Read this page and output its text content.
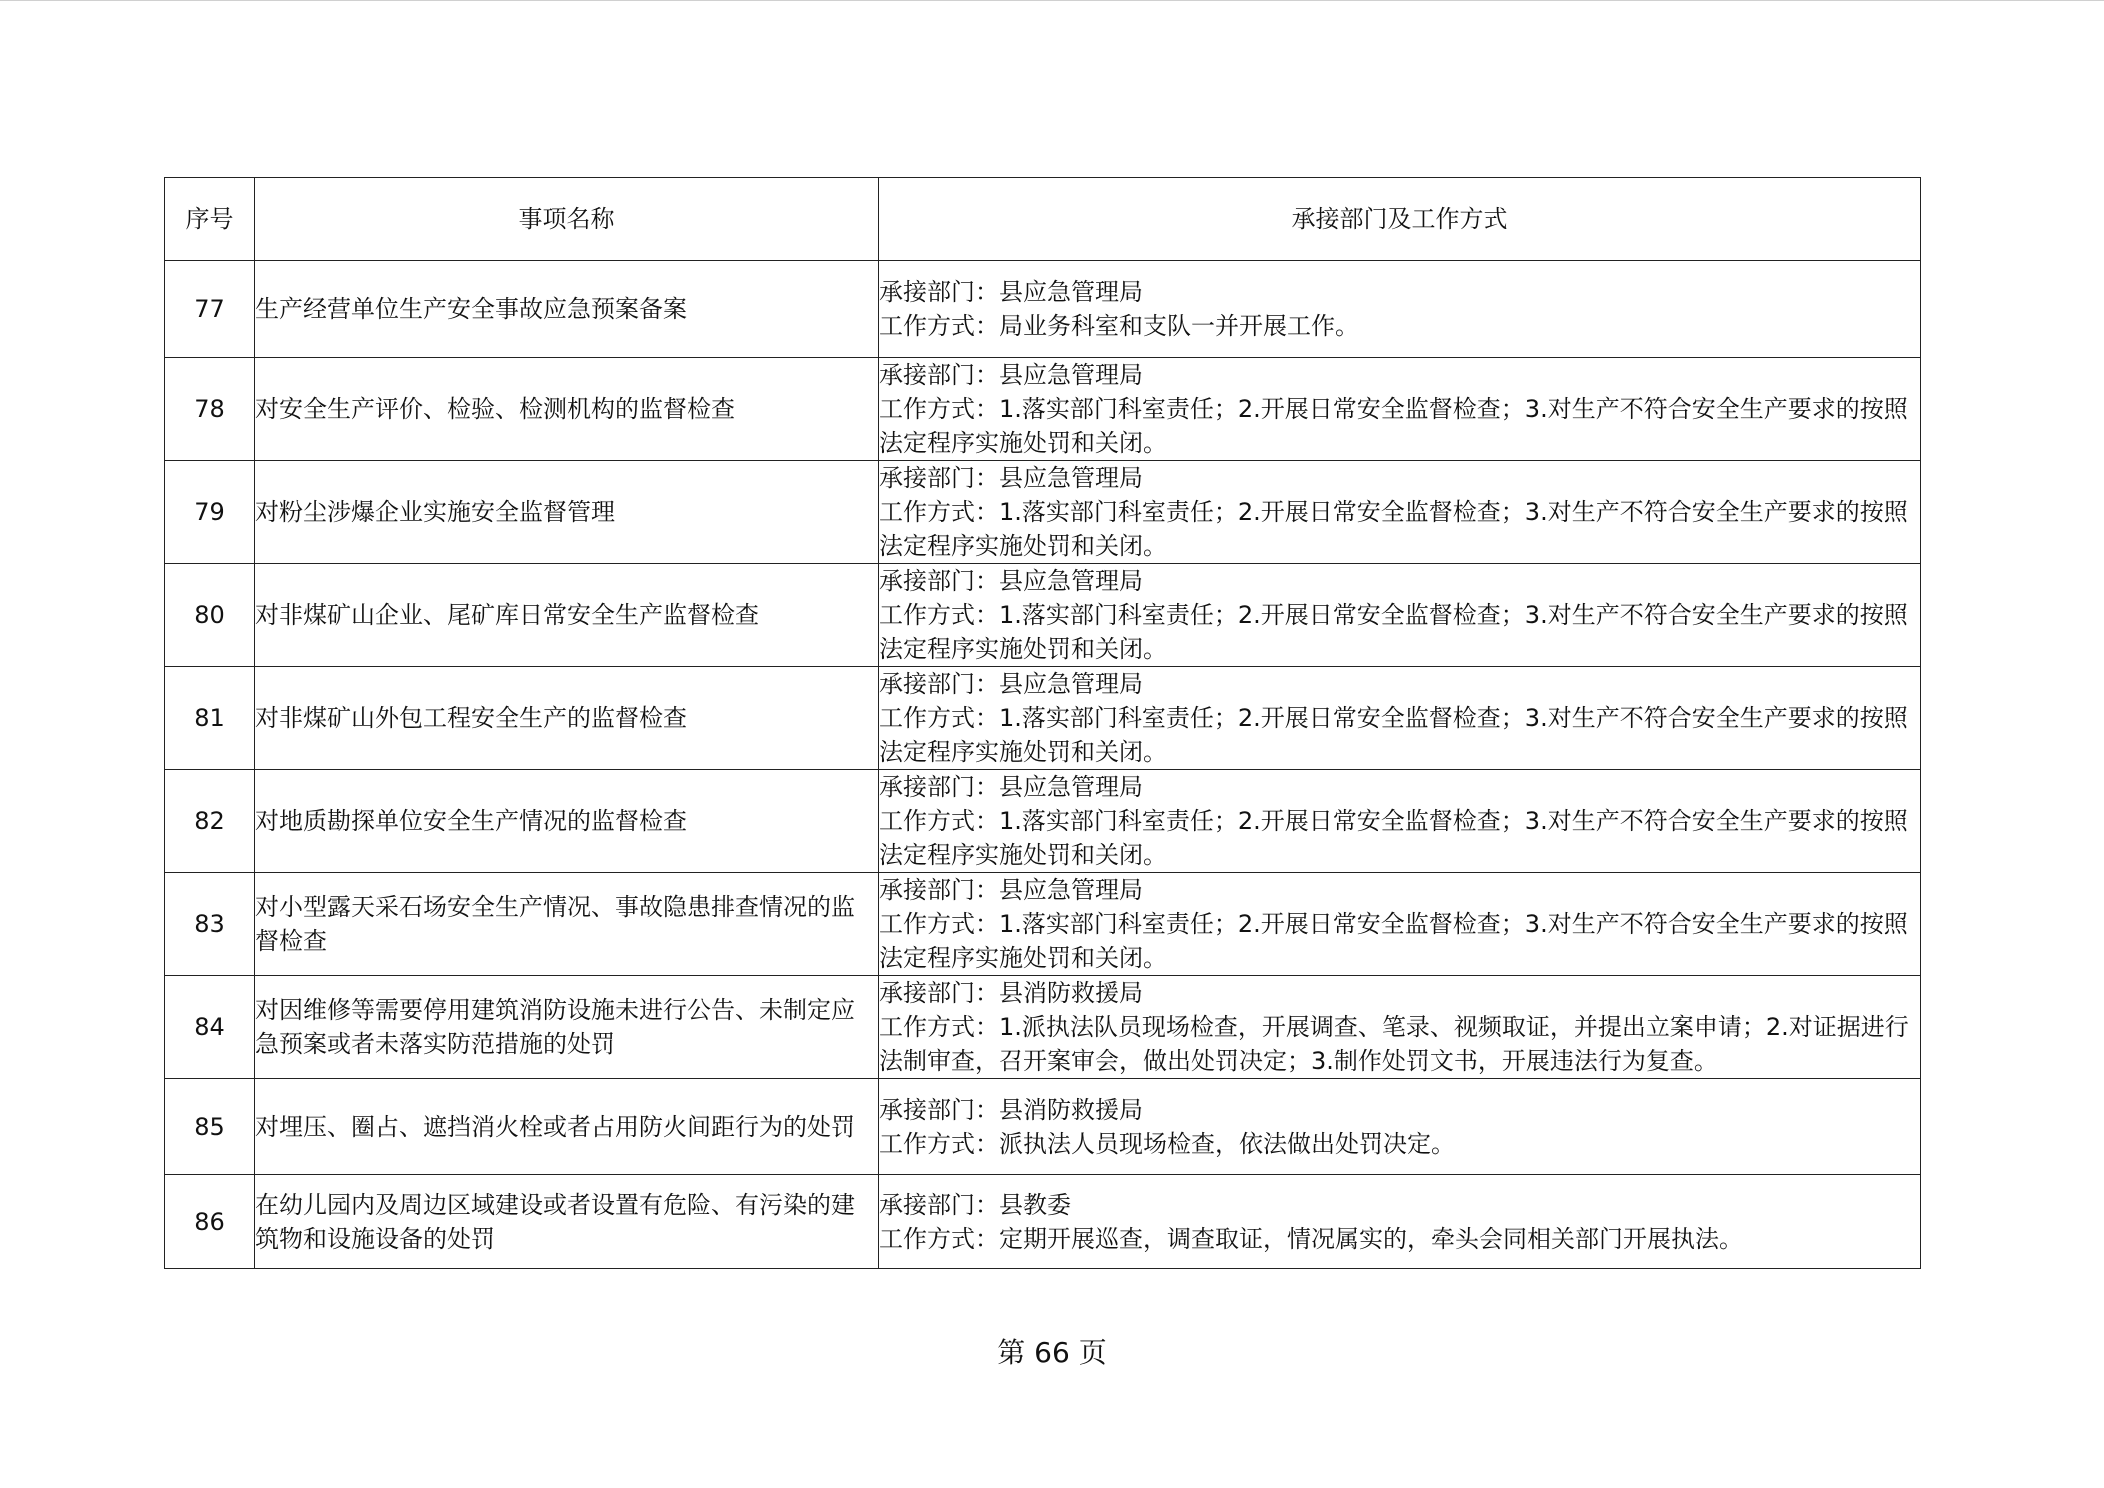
序号	事项名称	承接部门及工作方式
77	生产经营单位生产安全事故应急预案备案	承接部门：县应急管理局
工作方式：局业务科室和支队一并开展工作。

78	对安全生产评价、检验、检测机构的监督检查	承接部门：县应急管理局
工作方式：1.落实部门科室责任；2.开展日常安全监督检查；3.对生产不符合安全生产要求的按照法定程序实施处罚和关闭。

79	对粉尘涉爆企业实施安全监督管理	承接部门：县应急管理局
工作方式：1.落实部门科室责任；2.开展日常安全监督检查；3.对生产不符合安全生产要求的按照法定程序实施处罚和关闭。

80	对非煤矿山企业、尾矿库日常安全生产监督检查	承接部门：县应急管理局
工作方式：1.落实部门科室责任；2.开展日常安全监督检查；3.对生产不符合安全生产要求的按照法定程序实施处罚和关闭。

81	对非煤矿山外包工程安全生产的监督检查	承接部门：县应急管理局
工作方式：1.落实部门科室责任；2.开展日常安全监督检查；3.对生产不符合安全生产要求的按照法定程序实施处罚和关闭。

82	对地质勘探单位安全生产情况的监督检查	承接部门：县应急管理局
工作方式：1.落实部门科室责任；2.开展日常安全监督检查；3.对生产不符合安全生产要求的按照法定程序实施处罚和关闭。

83	对小型露天采石场安全生产情况、事故隐患排查情况的监督检查	承接部门：县应急管理局
工作方式：1.落实部门科室责任；2.开展日常安全监督检查；3.对生产不符合安全生产要求的按照法定程序实施处罚和关闭。

84	对因维修等需要停用建筑消防设施未进行公告、未制定应急预案或者未落实防范措施的处罚	承接部门：县消防救援局
工作方式：1.派执法队员现场检查，开展调查、笔录、视频取证，并提出立案申请；2.对证据进行法制审查，召开案审会，做出处罚决定；3.制作处罚文书，开展违法行为复查。

85	对埋压、圈占、遮挡消火栓或者占用防火间距行为的处罚	承接部门：县消防救援局
工作方式：派执法人员现场检查，依法做出处罚决定。

86	在幼儿园内及周边区域建设或者设置有危险、有污染的建筑物和设施设备的处罚	承接部门：县教委
工作方式：定期开展巡查，调查取证，情况属实的，牵头会同相关部门开展执法。
第 66 页
